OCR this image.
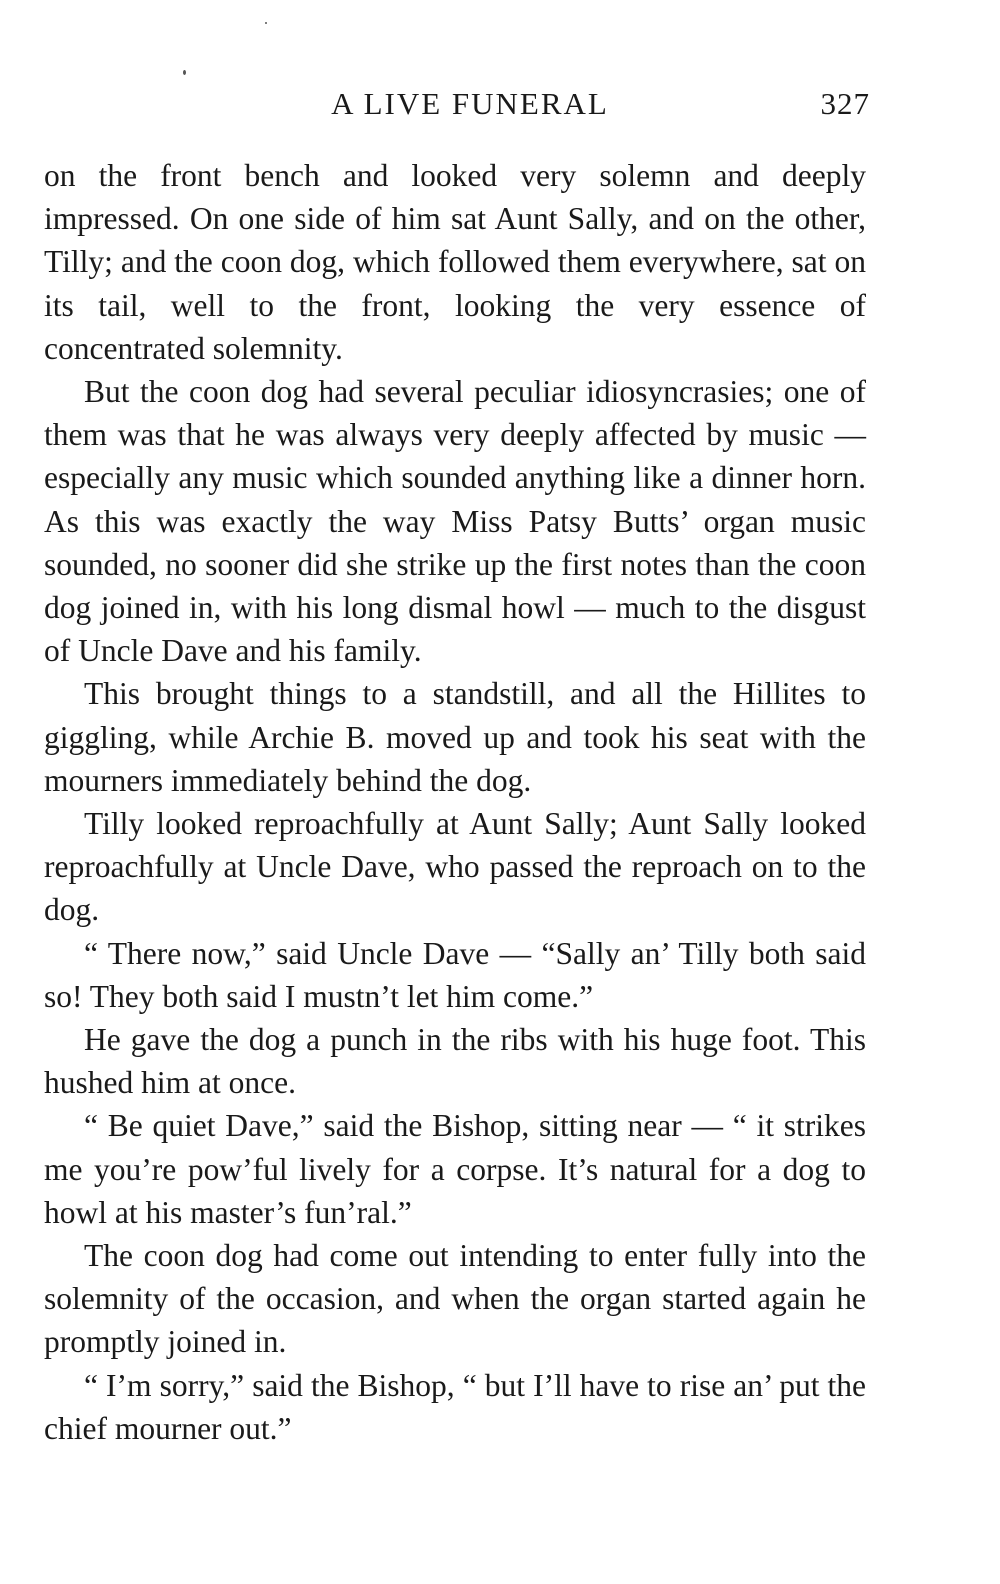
A LIVE FUNERAL	327

on the front bench and looked very solemn and deeply impressed. On one side of him sat Aunt Sally, and on the other, Tilly; and the coon dog, which followed them everywhere, sat on its tail, well to the front, looking the very essence of concentrated solemnity.

But the coon dog had several peculiar idiosyncrasies; one of them was that he was always very deeply affected by music — especially any music which sounded anything like a dinner horn. As this was exactly the way Miss Patsy Butts’ organ music sounded, no sooner did she strike up the first notes than the coon dog joined in, with his long dismal howl — much to the disgust of Uncle Dave and his family.

This brought things to a standstill, and all the Hillites to giggling, while Archie B. moved up and took his seat with the mourners immediately behind the dog.

Tilly looked reproachfully at Aunt Sally; Aunt Sally looked reproachfully at Uncle Dave, who passed the reproach on to the dog.

“ There now,” said Uncle Dave — “Sally an’ Tilly both said so! They both said I mustn’t let him come.”

He gave the dog a punch in the ribs with his huge foot. This hushed him at once.

“ Be quiet Dave,” said the Bishop, sitting near — “ it strikes me you’re pow’ful lively for a corpse. It’s natural for a dog to howl at his master’s fun’ral.”

The coon dog had come out intending to enter fully into the solemnity of the occasion, and when the organ started again he promptly joined in.

“ I’m sorry,” said the Bishop, “ but I’ll have to rise an’ put the chief mourner out.”
